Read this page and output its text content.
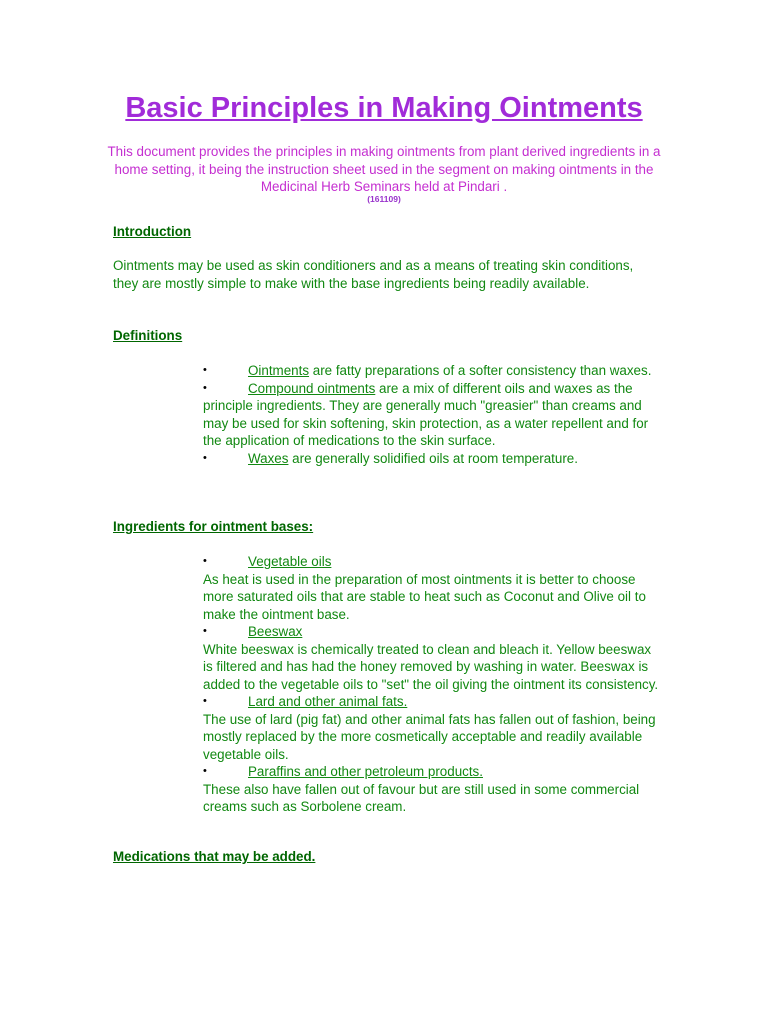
Basic Principles in Making Ointments

This document provides the principles in making ointments from plant derived ingredients in a home setting, it being the instruction sheet used in the segment on making ointments in the Medicinal Herb Seminars held at Pindari .

(161109)
Introduction

Ointments may be used as skin conditioners and as a means of treating skin conditions, they are mostly simple to make with the base ingredients being readily available.

Definitions
•	Ointments are fatty preparations of a softer consistency than waxes.
•	Compound ointments are a mix of different oils and waxes as the principle ingredients. They are generally much "greasier" than creams and may be used for skin softening, skin protection, as a water repellent and for the application of medications to the skin surface.
•	Waxes are generally solidified oils at room temperature.
Ingredients for ointment bases:
•	Vegetable oils
As heat is used in the preparation of most ointments it is better to choose more saturated oils that are stable to heat such as Coconut and Olive oil to make the ointment base.
•	Beeswax
White beeswax is chemically treated to clean and bleach it. Yellow beeswax is filtered and has had the honey removed by washing in water. Beeswax is added to the vegetable oils to "set" the oil giving the ointment its consistency.
•	Lard and other animal fats.
The use of lard (pig fat) and other animal fats has fallen out of fashion, being mostly replaced by the more cosmetically acceptable and readily available vegetable oils.
•	Paraffins and other petroleum products.
These also have fallen out of favour but are still used in some commercial creams such as Sorbolene cream.
Medications that may be added.
